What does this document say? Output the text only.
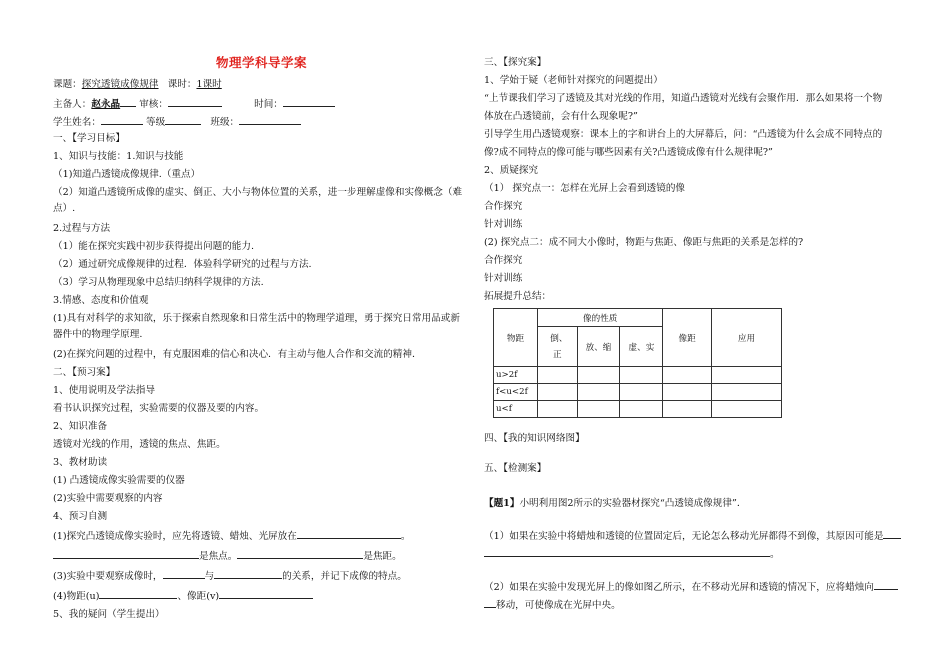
物理学科导学案
课题：探究透镜成像规律 课时：1课时
主备人：赵永晶 审核：	时间：
学生姓名：	等级	班级：
一、【学习目标】
1、知识与技能：1.知识与技能
（1)知道凸透镜成像规律.（重点）
（2）知道凸透镜所成像的虚实、倒正、大小与物体位置的关系，进一步理解虚像和实像概念（难
点）.
2.过程与方法
（1）能在探究实践中初步获得提出问题的能力.
（2）通过研究成像规律的过程．体验科学研究的过程与方法.
（3）学习从物理现象中总结归纳科学规律的方法.
3.情感、态度和价值观
(1)具有对科学的求知欲，乐于探索自然现象和日常生活中的物理学道理，勇于探究日常用品或新
器件中的物理学原理.
(2)在探究问题的过程中，有克服困难的信心和决心．有主动与他人合作和交流的精神．
二、【预习案】
1、使用说明及学法指导
看书认识探究过程，实验需要的仪器及要的内容。
2、知识准备
透镜对光线的作用，透镜的焦点、焦距。
3、教材助读
(1) 凸透镜成像实验需要的仪器
(2)实验中需要观察的内容
4、预习自测
(1)探究凸透镜成像实验时，应先将透镜、蜡烛、光屏放在	。
是焦点。	是焦距。
(3)实验中要观察成像时，	与	的关系，并记下成像的特点。
(4)物距(u)	、像距(v)
5、我的疑问（学生提出）
三、【探究案】
1、学始于疑（老师针对探究的问题提出）
“上节课我们学习了透镜及其对光线的作用，知道凸透镜对光线有会聚作用．那么如果将一个物
体放在凸透镜前，会有什么现象呢?”
引导学生用凸透镜观察：课本上的字和讲台上的大屏幕后，问：“凸透镜为什么会成不同特点的
像?成不同特点的像可能与哪些因素有关?凸透镜成像有什么规律呢?”
2、质疑探究
（1） 探究点一：怎样在光屏上会看到透镜的像
合作探究
针对训练
(2) 探究点二：成不同大小像时，物距与焦距、像距与焦距的关系是怎样的?
合作探究
针对训练
拓展提升总结：
物距	像的性质			像距	应用
	倒、正	放、缩	虚、实		
u>2f					
f<u<2f					
u<f					
四、【我的知识网络图】
五、【检测案】
【题1】小明利用图2所示的实验器材探究“凸透镜成像规律”．
（1）如果在实验中将蜡烛和透镜的位置固定后，无论怎么移动光屏都得不到像，其原因可能是
。
（2）如果在实验中发现光屏上的像如图乙所示，在不移动光屏和透镜的情况下，应将蜡烛向
移动，可使像成在光屏中央。
